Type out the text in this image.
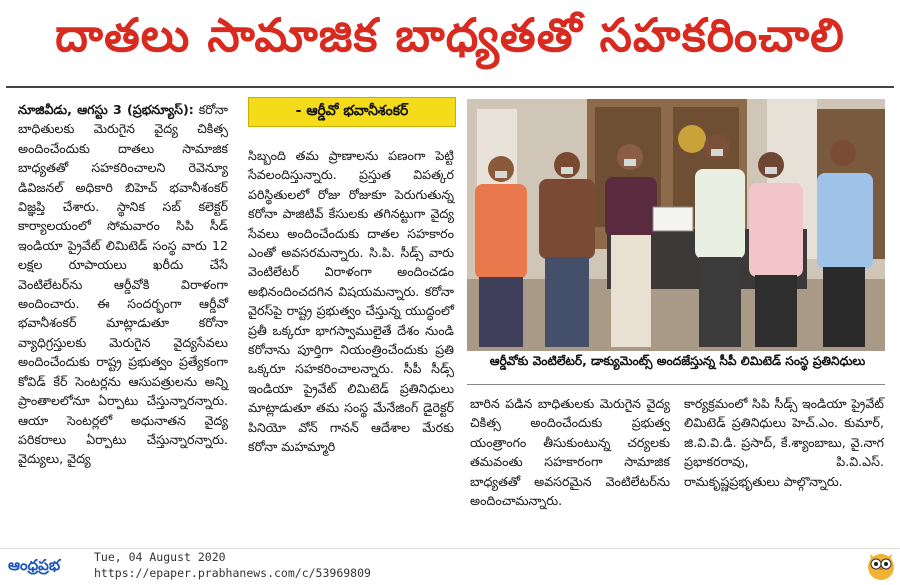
దాతలు సామాజిక బాధ్యతతో సహకరించాలి

నూజివీడు, ఆగస్టు 3 (ప్రభన్యూస్): కరోనా బాధితులకు మెరుగైన వైద్య చికిత్స అందించేందుకు దాతలు సామాజిక బాధ్యతతో సహకరించాలని రెవెన్యూ డివిజనల్ అధికారి బిహెచ్ భవానీశంకర్ విజ్ఞప్తి చేశారు. స్థానిక సబ్ కలెక్టర్ కార్యాలయంలో సోమవారం సిపి సీడ్ ఇండియా ప్రైవేట్ లిమిటెడ్ సంస్థ వారు 12 లక్షల రూపాయలు ఖరీదు చేసే వెంటిలేటర్‌ను ఆర్డీవోకి విరాళంగా అందించారు. ఈ సందర్భంగా ఆర్డీవో భవానీశంకర్ మాట్లాడుతూ కరోనా వ్యాధిగ్రస్తులకు మెరుగైన వైద్యసేవలు అందించేందుకు రాష్ట్ర ప్రభుత్వం ప్రత్యేకంగా కోవిడ్ కేర్ సెంటర్లను ఆసుపత్రులను అన్ని ప్రాంతాలలోనూ ఏర్పాటు చేస్తున్నారన్నారు. ఆయా సెంటర్లలో అధునాతన వైద్య పరికరాలు ఏర్పాటు చేస్తున్నారన్నారు. వైద్యులు, వైద్య

- ఆర్డీవో భవానీశంకర్

సిబ్బంది తమ ప్రాణాలను పణంగా పెట్టి సేవలందిస్తున్నారు. ప్రస్తుత విపత్కర పరిస్థితులలో రోజు రోజుకూ పెరుగుతున్న కరోనా పాజిటివ్ కేసులకు తగినట్టుగా వైద్య సేవలు అందించేందుకు దాతల సహకారం ఎంతో అవసరమన్నారు. సి.పి. సీడ్స్ వారు వెంటిలేటర్ విరాళంగా అందించడం అభినందించదగిన విషయమన్నారు. కరోనా వైరస్‌పై రాష్ట్ర ప్రభుత్వం చేస్తున్న యుద్ధంలో ప్రతీ ఒక్కరూ భాగస్వాములైతే దేశం నుండి కరోనాను పూర్తిగా నియంత్రించేందుకు ప్రతి ఒక్కరూ సహకరించాలన్నారు. సీపీ సీడ్స్ ఇండియా ప్రైవేట్ లిమిటెడ్ ప్రతినిధులు మాట్లాడుతూ తమ సంస్థ మేనేజింగ్ డైరెక్టర్ పినియో వోన్ గానన్ ఆదేశాల మేరకు కరోనా మహమ్మారి

ఆర్డీవోకు వెంటిలేటర్, డాక్యుమెంట్స్ అందజేస్తున్న సీపీ లిమిటెడ్ సంస్థ ప్రతినిధులు

బారిన పడిన బాధితులకు మెరుగైన వైద్య చికిత్స అందించేందుకు ప్రభుత్వ యంత్రాంగం తీసుకుంటున్న చర్యలకు తమవంతు సహకారంగా సామాజిక బాధ్యతతో అవసరమైన వెంటిలేటర్‌ను అందించామన్నారు.

కార్యక్రమంలో సిపి సీడ్స్ ఇండియా ప్రైవేట్ లిమిటెడ్ ప్రతినిధులు హెచ్.ఎం. కుమార్, జి.వి.వి.డి. ప్రసాద్, కే.శ్యాంబాబు, వై.నాగ ప్రభాకరరావు, పి.వి.ఎస్. రామకృష్ణప్రభృతులు పాల్గొన్నారు.

ఆంధ్రప్రభ	Tue, 04 August 2020
https://epaper.prabhanews.com/c/53969809
